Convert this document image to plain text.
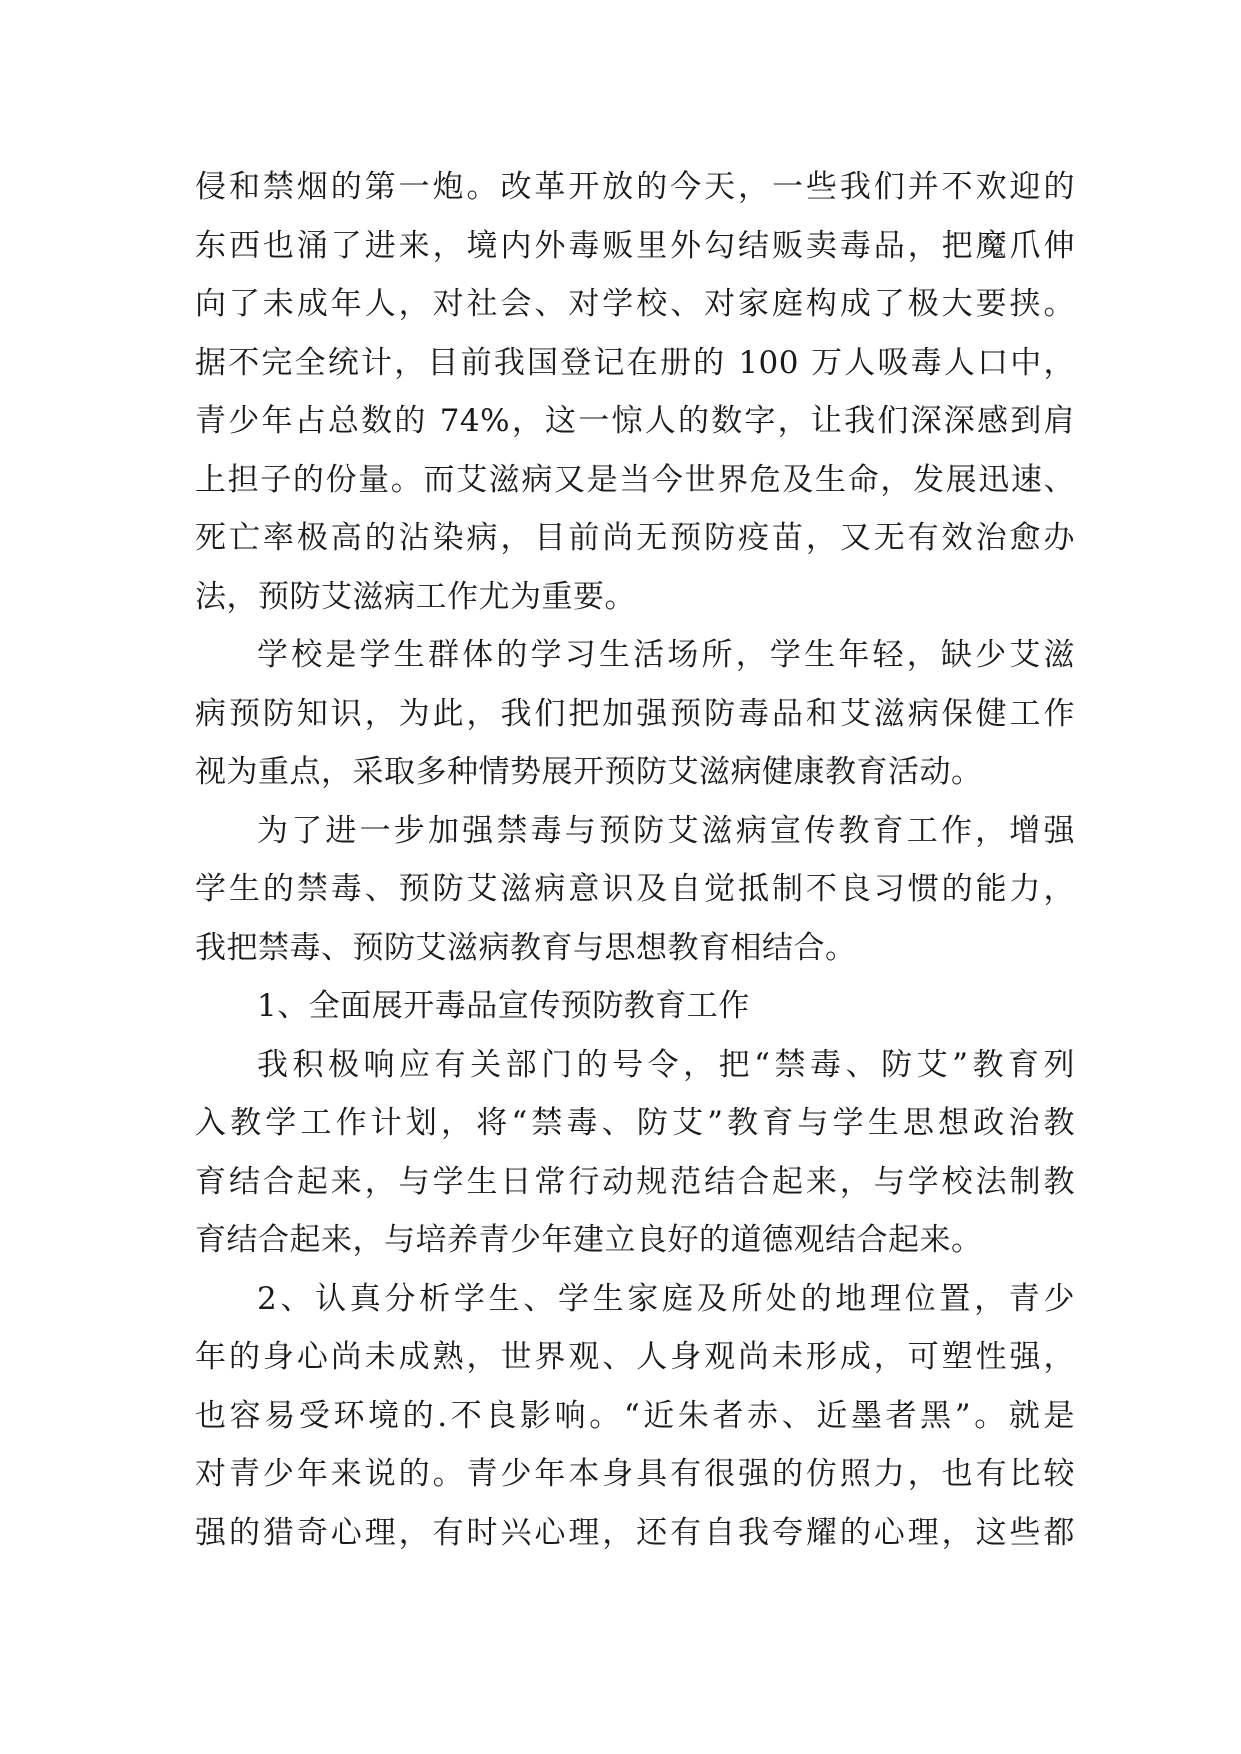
侵和禁烟的第一炮。改革开放的今天，一些我们并不欢迎的
东西也涌了进来，境内外毒贩里外勾结贩卖毒品，把魔爪伸
向了未成年人，对社会、对学校、对家庭构成了极大要挟。
据不完全统计，目前我国登记在册的 100 万人吸毒人口中，
青少年占总数的 74%，这一惊人的数字，让我们深深感到肩
上担子的份量。而艾滋病又是当今世界危及生命，发展迅速、
死亡率极高的沾染病，目前尚无预防疫苗，又无有效治愈办
法，预防艾滋病工作尤为重要。
学校是学生群体的学习生活场所，学生年轻，缺少艾滋
病预防知识，为此，我们把加强预防毒品和艾滋病保健工作
视为重点，采取多种情势展开预防艾滋病健康教育活动。
为了进一步加强禁毒与预防艾滋病宣传教育工作，增强
学生的禁毒、预防艾滋病意识及自觉抵制不良习惯的能力，
我把禁毒、预防艾滋病教育与思想教育相结合。
1、全面展开毒品宣传预防教育工作
我积极响应有关部门的号令，把“禁毒、防艾”教育列
入教学工作计划，将“禁毒、防艾”教育与学生思想政治教
育结合起来，与学生日常行动规范结合起来，与学校法制教
育结合起来，与培养青少年建立良好的道德观结合起来。
2、认真分析学生、学生家庭及所处的地理位置，青少
年的身心尚未成熟，世界观、人身观尚未形成，可塑性强，
也容易受环境的.不良影响。“近朱者赤、近墨者黑”。就是
对青少年来说的。青少年本身具有很强的仿照力，也有比较
强的猎奇心理，有时兴心理，还有自我夸耀的心理，这些都
